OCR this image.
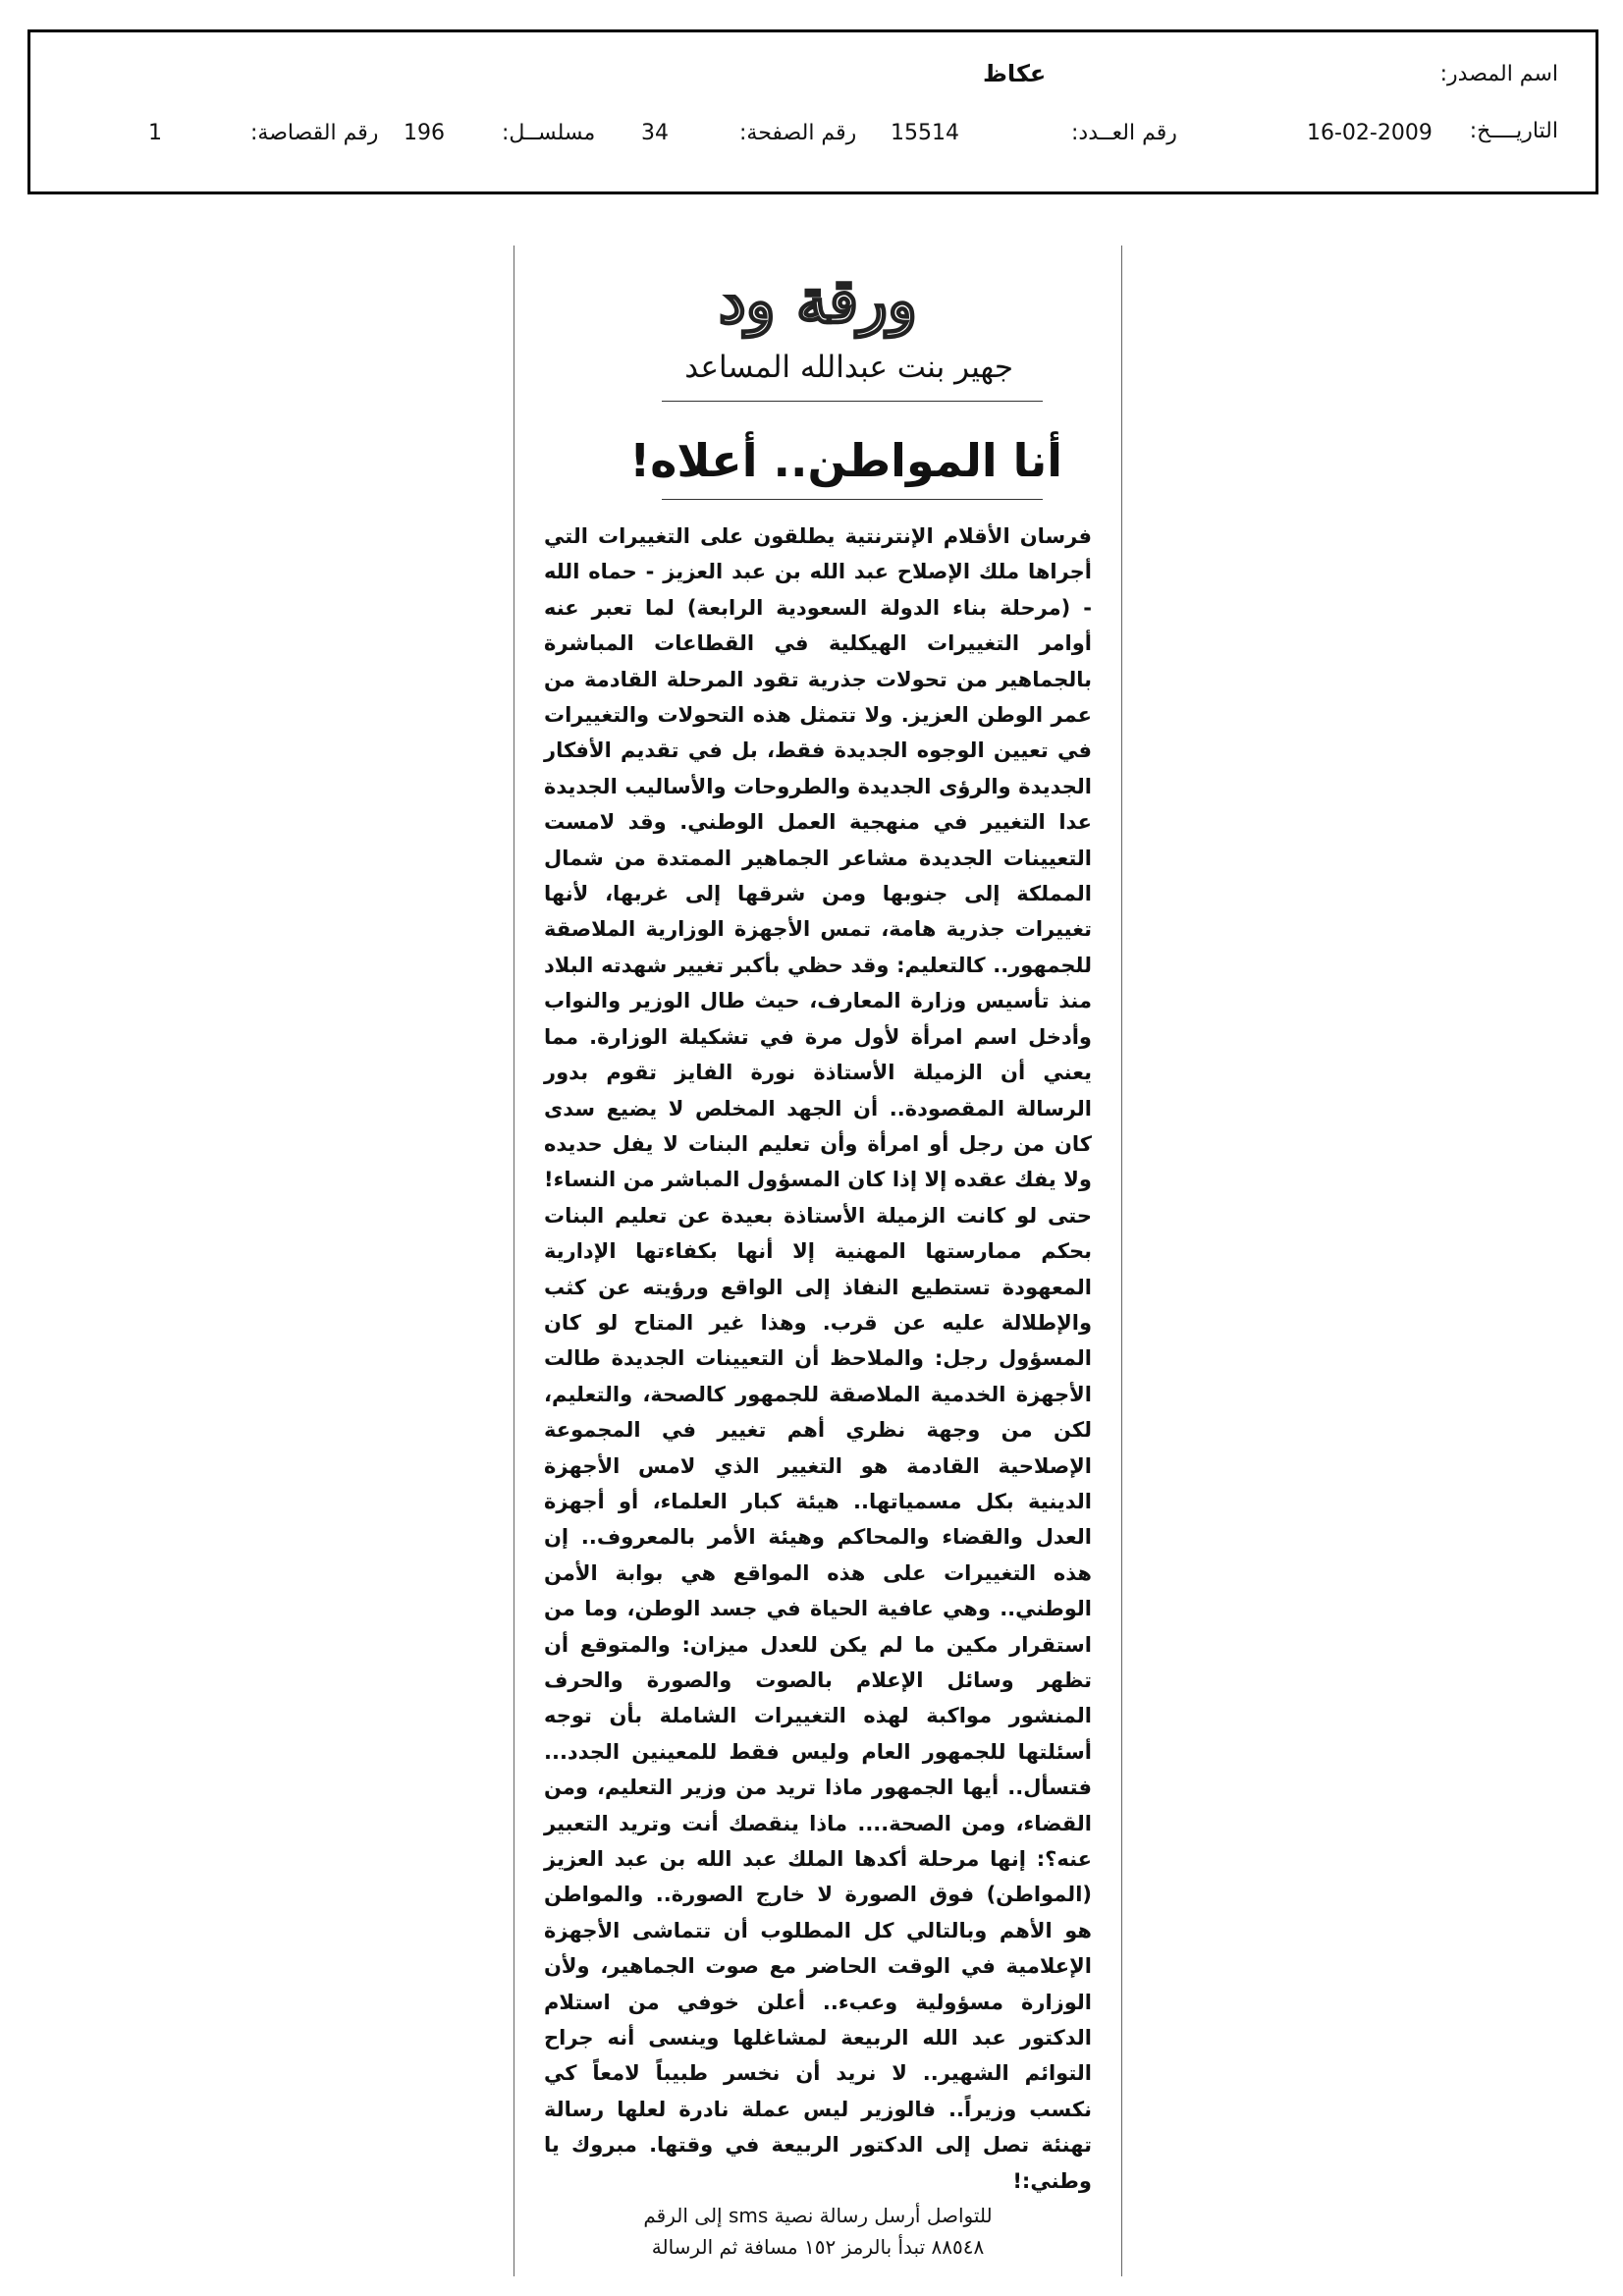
اسم المصدر:
عكاظ
التاريــــخ:
16-02-2009
رقم العــدد:
15514
رقم الصفحة:
34
مسلســل:
196
رقم القصاصة:
1
ورقة ود
جهير بنت عبدالله المساعد
أنا المواطن.. أعلاه!

فرسان الأقلام الإنترنتية يطلقون على التغييرات التي أجراها ملك الإصلاح عبد الله بن عبد العزيز - حماه الله - (مرحلة بناء الدولة السعودية الرابعة) لما تعبر عنه أوامر التغييرات الهيكلية في القطاعات المباشرة بالجماهير من تحولات جذرية تقود المرحلة القادمة من عمر الوطن العزيز. ولا تتمثل هذه التحولات والتغييرات في تعيين الوجوه الجديدة فقط، بل في تقديم الأفكار الجديدة والرؤى الجديدة والطروحات والأساليب الجديدة عدا التغيير في منهجية العمل الوطني. وقد لامست التعيينات الجديدة مشاعر الجماهير الممتدة من شمال المملكة إلى جنوبها ومن شرقها إلى غربها، لأنها تغييرات جذرية هامة، تمس الأجهزة الوزارية الملاصقة للجمهور.. كالتعليم: وقد حظي بأكبر تغيير شهدته البلاد منذ تأسيس وزارة المعارف، حيث طال الوزير والنواب وأدخل اسم امرأة لأول مرة في تشكيلة الوزارة. مما يعني أن الزميلة الأستاذة نورة الفايز تقوم بدور الرسالة المقصودة.. أن الجهد المخلص لا يضيع سدى كان من رجل أو امرأة وأن تعليم البنات لا يفل حديده ولا يفك عقده إلا إذا كان المسؤول المباشر من النساء! حتى لو كانت الزميلة الأستاذة بعيدة عن تعليم البنات بحكم ممارستها المهنية إلا أنها بكفاءتها الإدارية المعهودة تستطيع النفاذ إلى الواقع ورؤيته عن كثب والإطلالة عليه عن قرب. وهذا غير المتاح لو كان المسؤول رجل: والملاحظ أن التعيينات الجديدة طالت الأجهزة الخدمية الملاصقة للجمهور كالصحة، والتعليم، لكن من وجهة نظري أهم تغيير في المجموعة الإصلاحية القادمة هو التغيير الذي لامس الأجهزة الدينية بكل مسمياتها.. هيئة كبار العلماء، أو أجهزة العدل والقضاء والمحاكم وهيئة الأمر بالمعروف.. إن هذه التغييرات على هذه المواقع هي بوابة الأمن الوطني.. وهي عافية الحياة في جسد الوطن، وما من استقرار مكين ما لم يكن للعدل ميزان: والمتوقع أن تظهر وسائل الإعلام بالصوت والصورة والحرف المنشور مواكبة لهذه التغييرات الشاملة بأن توجه أسئلتها للجمهور العام وليس فقط للمعينين الجدد... فتسأل.. أيها الجمهور ماذا تريد من وزير التعليم، ومن القضاء، ومن الصحة.... ماذا ينقصك أنت وتريد التعبير عنه؟: إنها مرحلة أكدها الملك عبد الله بن عبد العزيز (المواطن) فوق الصورة لا خارج الصورة.. والمواطن هو الأهم وبالتالي كل المطلوب أن تتماشى الأجهزة الإعلامية في الوقت الحاضر مع صوت الجماهير، ولأن الوزارة مسؤولية وعبء.. أعلن خوفي من استلام الدكتور عبد الله الربيعة لمشاغلها وينسى أنه جراح التوائم الشهير.. لا نريد أن نخسر طبيباً لامعاً كي نكسب وزيراً.. فالوزير ليس عملة نادرة لعلها رسالة تهنئة تصل إلى الدكتور الربيعة في وقتها. مبروك يا وطني:!

للتواصل أرسل رسالة نصية sms إلى الرقم
٨٨٥٤٨ تبدأ بالرمز ١٥٢ مسافة ثم الرسالة
